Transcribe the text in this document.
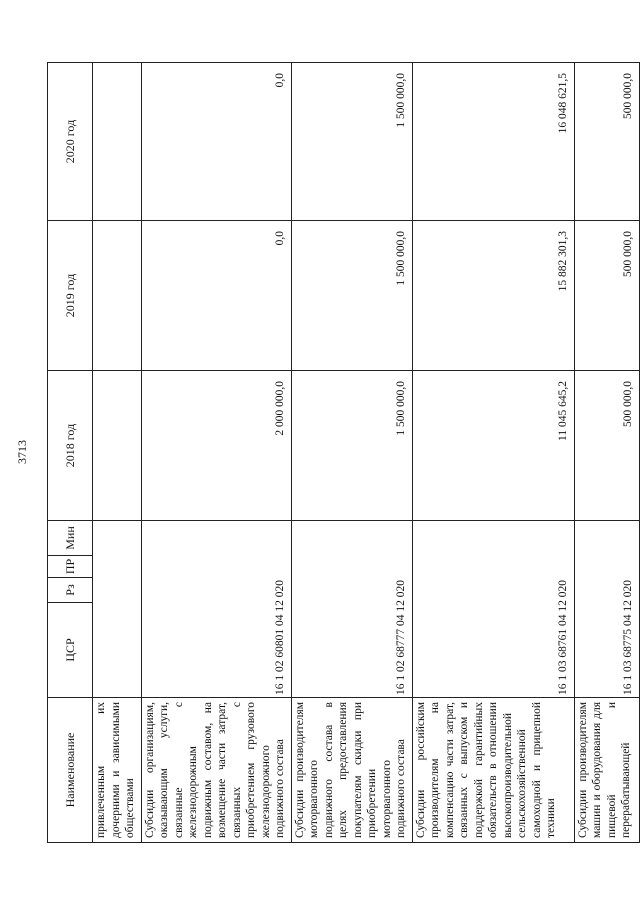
3713
Наименование	ЦСР	Рз	ПР	Мин	2018 год	2019 год	2020 год
привлеченным их дочерними и зависимыми обществами							
Субсидии организациям, оказывающим услуги, связанные с железнодорожным подвижным составом, на возмещение части затрат, связанных с приобретением грузового железнодорожного подвижного состава	16 1 02 60801 04 12 020				2 000 000,0	0,0	0,0
Субсидии производителям моторвагонного подвижного состава в целях предоставления покупателям скидки при приобретении моторвагонного подвижного состава	16 1 02 68777 04 12 020				1 500 000,0	1 500 000,0	1 500 000,0
Субсидии российским производителям на компенсацию части затрат, связанных с выпуском и поддержкой гарантийных обязательств в отношении высокопроизводительной сельскохозяйственной самоходной и прицепной техники	16 1 03 68761 04 12 020				11 045 645,2	15 882 301,3	16 048 621,5
Субсидии производителям машин и оборудования для пищевой и перерабатывающей	16 1 03 68775 04 12 020				500 000,0	500 000,0	500 000,0
